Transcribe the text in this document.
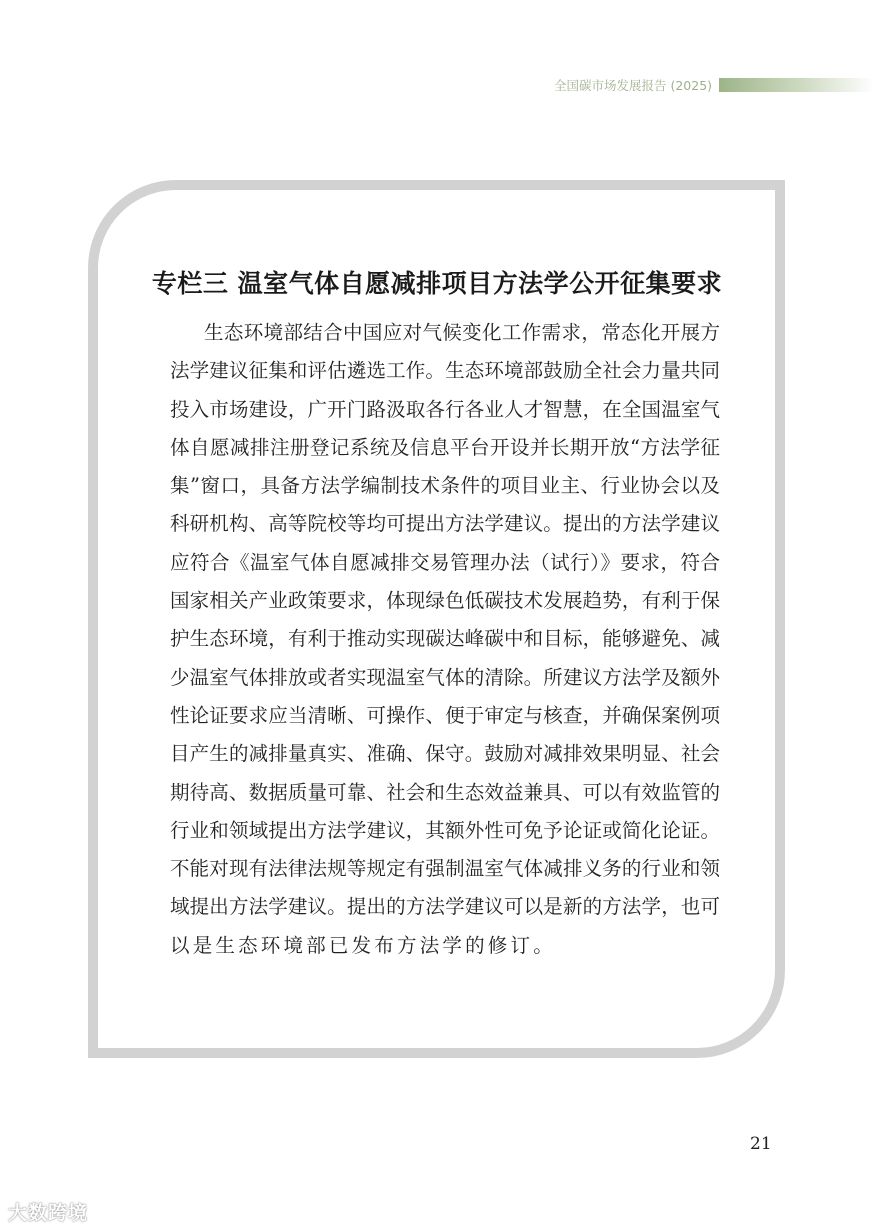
全国碳市场发展报告 (2025)
专栏三 温室气体自愿减排项目方法学公开征集要求
生态环境部结合中国应对气候变化工作需求，常态化开展方
法学建议征集和评估遴选工作。生态环境部鼓励全社会力量共同
投入市场建设，广开门路汲取各行各业人才智慧，在全国温室气
体自愿减排注册登记系统及信息平台开设并长期开放“方法学征
集”窗口，具备方法学编制技术条件的项目业主、行业协会以及
科研机构、高等院校等均可提出方法学建议。提出的方法学建议
应符合《温室气体自愿减排交易管理办法（试行）》要求，符合
国家相关产业政策要求，体现绿色低碳技术发展趋势，有利于保
护生态环境，有利于推动实现碳达峰碳中和目标，能够避免、减
少温室气体排放或者实现温室气体的清除。所建议方法学及额外
性论证要求应当清晰、可操作、便于审定与核查，并确保案例项
目产生的减排量真实、准确、保守。鼓励对减排效果明显、社会
期待高、数据质量可靠、社会和生态效益兼具、可以有效监管的
行业和领域提出方法学建议，其额外性可免予论证或简化论证。
不能对现有法律法规等规定有强制温室气体减排义务的行业和领
域提出方法学建议。提出的方法学建议可以是新的方法学，也可
以是生态环境部已发布方法学的修订。
21
大数跨境
